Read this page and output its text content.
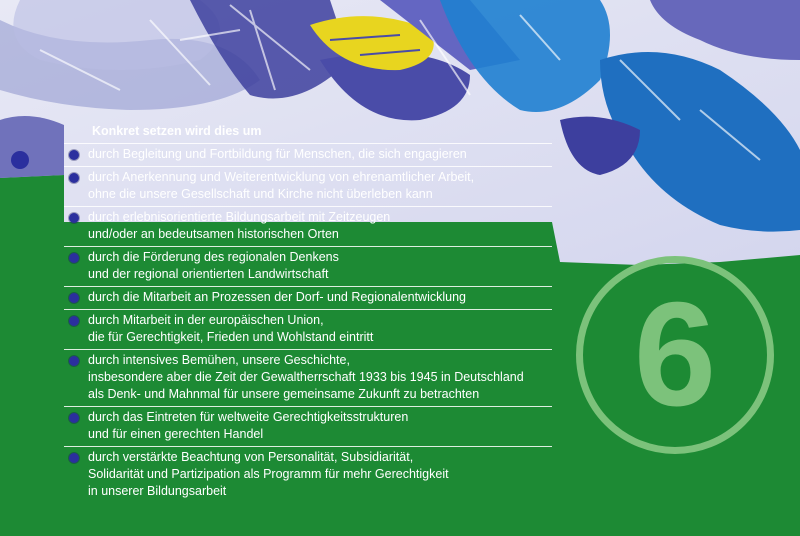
Konkret setzen wird dies um
durch Begleitung und Fortbildung für Menschen, die sich engagieren
durch Anerkennung und Weiterentwicklung von ehrenamtlicher Arbeit,
ohne die unsere Gesellschaft und Kirche nicht überleben kann
durch erlebnisorientierte Bildungsarbeit mit Zeitzeugen
und/oder an bedeutsamen historischen Orten
durch die Förderung des regionalen Denkens
und der regional orientierten Landwirtschaft
durch die Mitarbeit an Prozessen der Dorf- und Regionalentwicklung
durch Mitarbeit in der europäischen Union,
die für Gerechtigkeit, Frieden und Wohlstand eintritt
durch intensives Bemühen, unsere Geschichte,
insbesondere aber die Zeit der Gewaltherrschaft 1933 bis 1945 in Deutschland
als Denk- und Mahnmal für unsere gemeinsame Zukunft zu betrachten
durch das Eintreten für weltweite Gerechtigkeitsstrukturen
und für einen gerechten Handel
durch verstärkte Beachtung von Personalität, Subsidiarität,
Solidarität und Partizipation als Programm für mehr Gerechtigkeit
in unserer Bildungsarbeit
6
